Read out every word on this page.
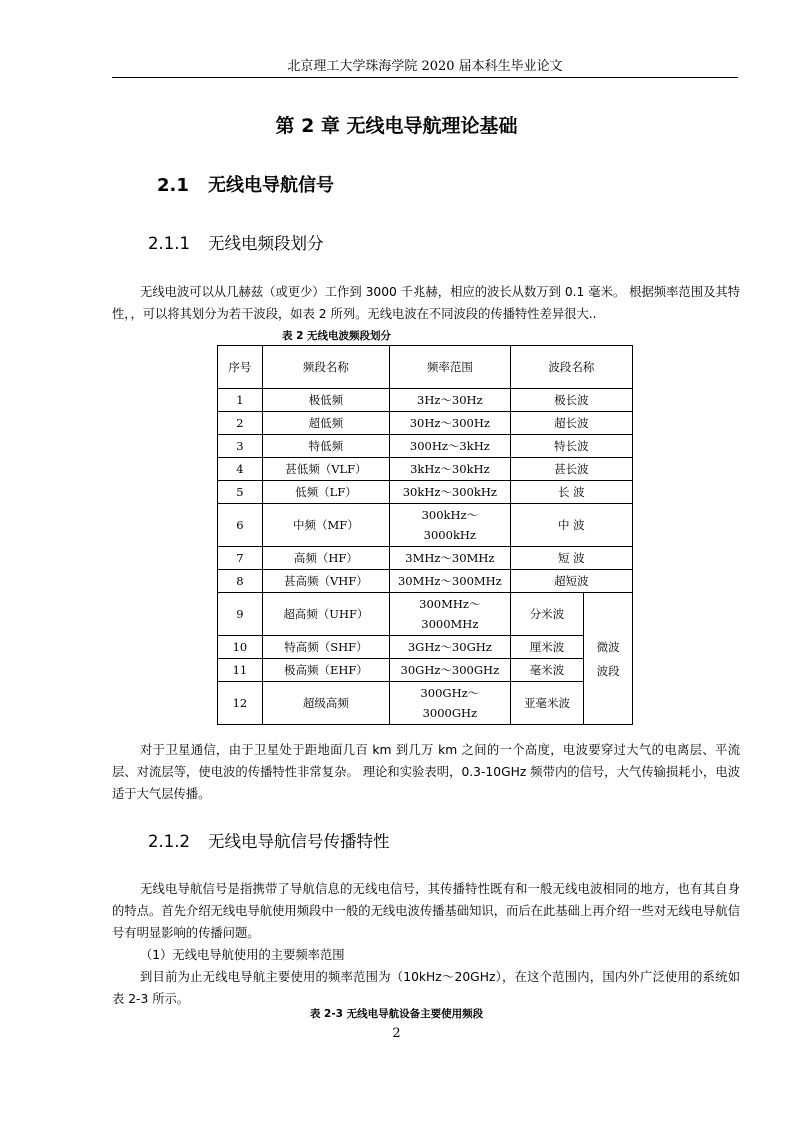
北京理工大学珠海学院 2020 届本科生毕业论文
第 2 章 无线电导航理论基础
2.1 无线电导航信号
2.1.1 无线电频段划分

无线电波可以从几赫兹（或更少）工作到 3000 千兆赫，相应的波长从数万到 0.1 毫米。 根据频率范围及其特性，，可以将其划分为若干波段，如表 2 所列。无线电波在不同波段的传播特性差异很大..

表 2 无线电波频段划分
序号	频段名称	频率范围	波段名称	
1	极低频	3Hz～30Hz	极长波	
2	超低频	30Hz～300Hz	超长波	
3	特低频	300Hz～3kHz	特长波	
4	甚低频（VLF）	3kHz～30kHz	甚长波	
5	低频（LF）	30kHz～300kHz	长 波	
6	中频（MF）	300kHz～3000kHz	中 波	
7	高频（HF）	3MHz～30MHz	短 波	
8	甚高频（VHF）	30MHz～300MHz	超短波	
9	超高频（UHF）	300MHz～3000MHz	分米波	微波波段
10	特高频（SHF）	3GHz～30GHz	厘米波	
11	极高频（EHF）	30GHz～300GHz	毫米波	
12	超级高频	300GHz～3000GHz	亚毫米波	

对于卫星通信，由于卫星处于距地面几百 km 到几万 km 之间的一个高度，电波要穿过大气的电离层、平流层、对流层等，使电波的传播特性非常复杂。 理论和实验表明，0.3-10GHz 频带内的信号，大气传输损耗小，电波适于大气层传播。

2.1.2 无线电导航信号传播特性

无线电导航信号是指携带了导航信息的无线电信号，其传播特性既有和一般无线电波相同的地方，也有其自身的特点。首先介绍无线电导航使用频段中一般的无线电波传播基础知识，而后在此基础上再介绍一些对无线电导航信号有明显影响的传播问题。

（1）无线电导航使用的主要频率范围

到目前为止无线电导航主要使用的频率范围为（10kHz～20GHz），在这个范围内，国内外广泛使用的系统如表 2-3 所示。

表 2-3 无线电导航设备主要使用频段
2
